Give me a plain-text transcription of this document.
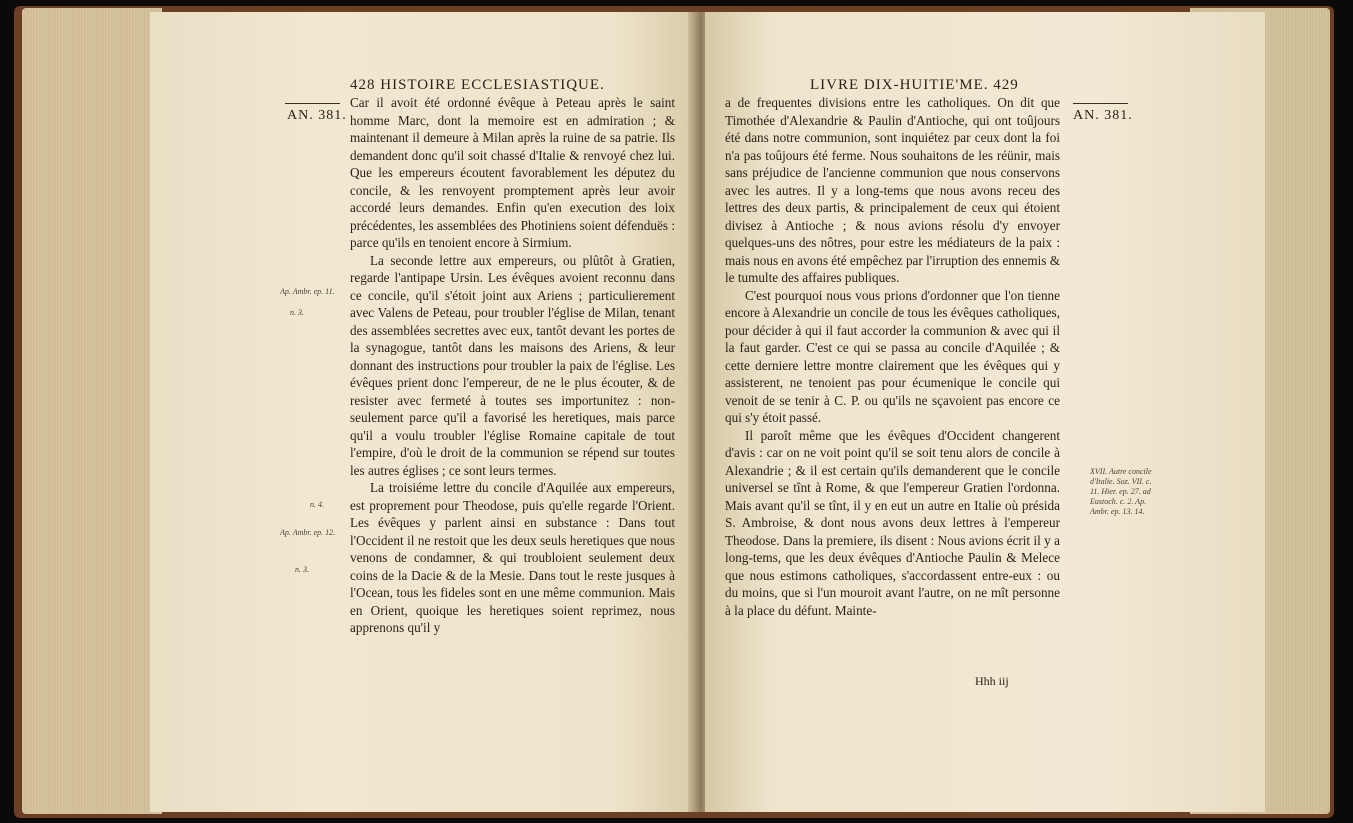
428 HISTOIRE ECCLESIASTIQUE.
AN. 381.
Ap. Ambr. ep. 11.
n. 3.
n. 4.
Ap. Ambr. ep. 12.
n. 3.

Car il avoit été ordonné évêque à Peteau après le saint homme Marc, dont la memoire est en admiration ; & maintenant il demeure à Milan après la ruine de sa patrie. Ils demandent donc qu'il soit chassé d'Italie & renvoyé chez lui. Que les empereurs écoutent favorablement les députez du concile, & les renvoyent promptement après leur avoir accordé leurs demandes. Enfin qu'en execution des loix précédentes, les assemblées des Photiniens soient défenduës : parce qu'ils en tenoient encore à Sirmium.

La seconde lettre aux empereurs, ou plûtôt à Gratien, regarde l'antipape Ursin. Les évêques avoient reconnu dans ce concile, qu'il s'étoit joint aux Ariens ; particulierement avec Valens de Peteau, pour troubler l'église de Milan, tenant des assemblées secrettes avec eux, tantôt devant les portes de la synagogue, tantôt dans les maisons des Ariens, & leur donnant des instructions pour troubler la paix de l'église. Les évêques prient donc l'empereur, de ne le plus écouter, & de resister avec fermeté à toutes ses importunitez : non-seulement parce qu'il a favorisé les heretiques, mais parce qu'il a voulu troubler l'église Romaine capitale de tout l'empire, d'où le droit de la communion se répend sur toutes les autres églises ; ce sont leurs termes.

La troisiéme lettre du concile d'Aquilée aux empereurs, est proprement pour Theodose, puis qu'elle regarde l'Orient. Les évêques y parlent ainsi en substance : Dans tout l'Occident il ne restoit que les deux seuls heretiques que nous venons de condamner, & qui troubloient seulement deux coins de la Dacie & de la Mesie. Dans tout le reste jusques à l'Ocean, tous les fideles sont en une même communion. Mais en Orient, quoique les heretiques soient reprimez, nous apprenons qu'il y

LIVRE DIX-HUITIE'ME. 429
AN. 381.
XVII. Autre concile d'Italie. Soz. VII. c. 11. Hier. ep. 27. ad Eustoch. c. 2. Ap. Ambr. ep. 13. 14.

a de frequentes divisions entre les catholiques. On dit que Timothée d'Alexandrie & Paulin d'Antioche, qui ont toûjours été dans notre communion, sont inquiétez par ceux dont la foi n'a pas toûjours été ferme. Nous souhaitons de les réünir, mais sans préjudice de l'ancienne communion que nous conservons avec les autres. Il y a long-tems que nous avons receu des lettres des deux partis, & principalement de ceux qui étoient divisez à Antioche ; & nous avions résolu d'y envoyer quelques-uns des nôtres, pour estre les médiateurs de la paix : mais nous en avons été empêchez par l'irruption des ennemis & le tumulte des affaires publiques.

C'est pourquoi nous vous prions d'ordonner que l'on tienne encore à Alexandrie un concile de tous les évêques catholiques, pour décider à qui il faut accorder la communion & avec qui il la faut garder. C'est ce qui se passa au concile d'Aquilée ; & cette derniere lettre montre clairement que les évêques qui y assisterent, ne tenoient pas pour écumenique le concile qui venoit de se tenir à C. P. ou qu'ils ne sçavoient pas encore ce qui s'y étoit passé.

Il paroît même que les évêques d'Occident changerent d'avis : car on ne voit point qu'il se soit tenu alors de concile à Alexandrie ; & il est certain qu'ils demanderent que le concile universel se tînt à Rome, & que l'empereur Gratien l'ordonna. Mais avant qu'il se tînt, il y en eut un autre en Italie où présida S. Ambroise, & dont nous avons deux lettres à l'empereur Theodose. Dans la premiere, ils disent : Nous avions écrit il y a long-tems, que les deux évêques d'Antioche Paulin & Melece que nous estimons catholiques, s'accordassent entre-eux : ou du moins, que si l'un mouroit avant l'autre, on ne mît personne à la place du défunt. Mainte-

Hhh iij
